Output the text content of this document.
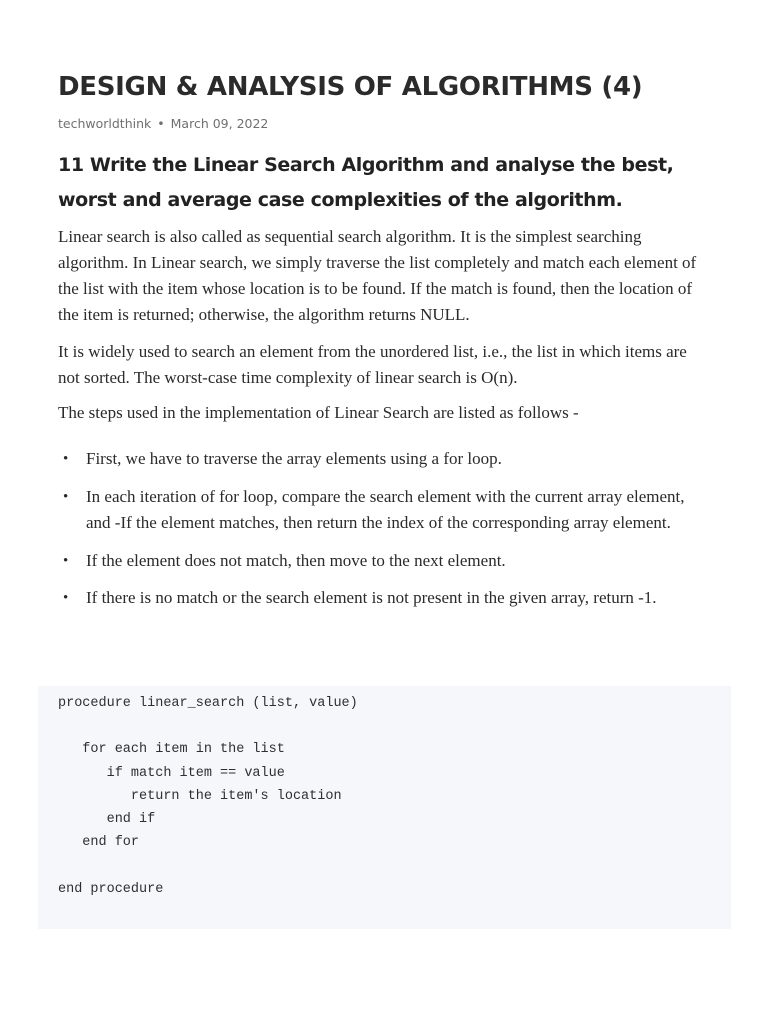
DESIGN & ANALYSIS OF ALGORITHMS (4)
techworldthink • March 09, 2022
11 Write the Linear Search Algorithm and analyse the best, worst and average case complexities of the algorithm.

Linear search is also called as sequential search algorithm. It is the simplest searching algorithm. In Linear search, we simply traverse the list completely and match each element of the list with the item whose location is to be found. If the match is found, then the location of the item is returned; otherwise, the algorithm returns NULL.

It is widely used to search an element from the unordered list, i.e., the list in which items are not sorted. The worst-case time complexity of linear search is O(n).

The steps used in the implementation of Linear Search are listed as follows -

• First, we have to traverse the array elements using a for loop.
• In each iteration of for loop, compare the search element with the current array element, and -If the element matches, then return the index of the corresponding array element.
• If the element does not match, then move to the next element.
• If there is no match or the search element is not present in the given array, return -1.
procedure linear_search (list, value)

for each item in the list
if match item == value
return the item's location
end if
end for

end procedure
